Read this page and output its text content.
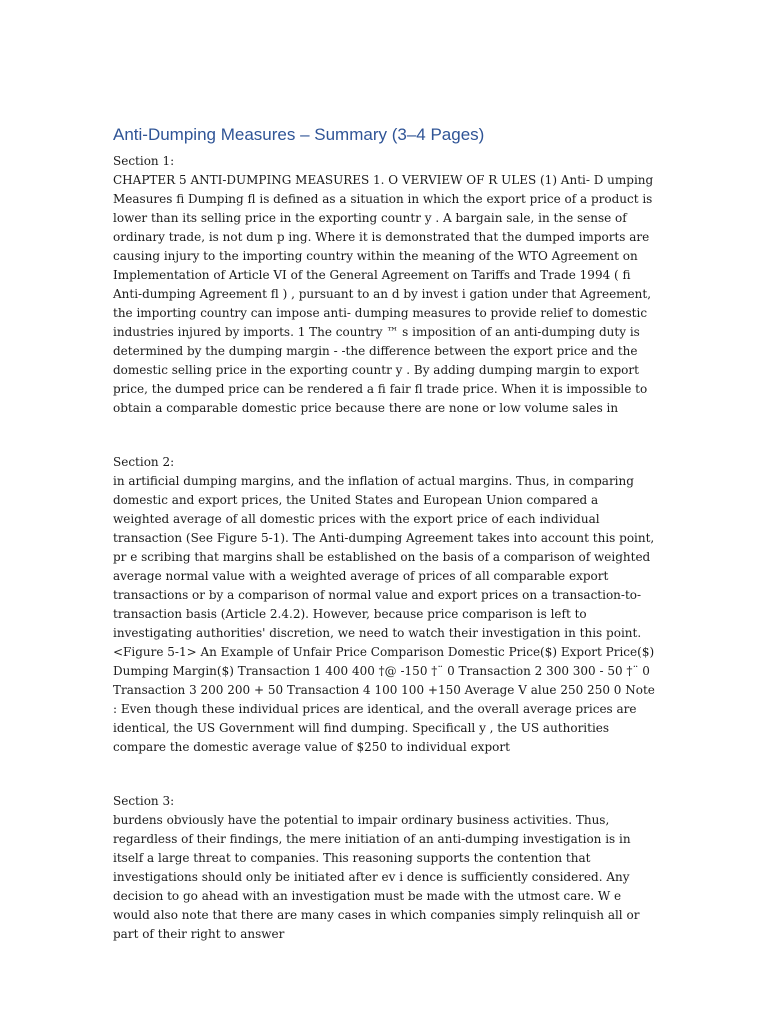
Anti-Dumping Measures – Summary (3–4 Pages)

Section 1:

CHAPTER 5 ANTI-DUMPING MEASURES 1. O VERVIEW OF R ULES (1) Anti- D umping Measures ﬁ Dumping ﬂ is defined as a situation in which the export price of a product is lower than its selling price in the exporting countr y . A bargain sale, in the sense of ordinary trade, is not dum p ing. Where it is demonstrated that the dumped imports are causing injury to the importing country within the meaning of the WTO Agreement on Implementation of Article VI of the General Agreement on Tariffs and Trade 1994 ( ﬁ Anti-dumping Agreement ﬂ ) , pursuant to an d by invest i gation under that Agreement, the importing country can impose anti- dumping measures to provide relief to domestic industries injured by imports. 1 The country ™ s imposition of an anti-dumping duty is determined by the dumping margin - -the difference between the export price and the domestic selling price in the exporting countr y . By adding dumping margin to export price, the dumped price can be rendered a ﬁ fair ﬂ trade price. When it is impossible to obtain a comparable domestic price because there are none or low volume sales in

Section 2:

in artificial dumping margins, and the inflation of actual margins. Thus, in comparing domestic and export prices, the United States and European Union compared a weighted average of all domestic prices with the export price of each individual transaction (See Figure 5-1). The Anti-dumping Agreement takes into account this point, pr e scribing that margins shall be established on the basis of a comparison of weighted average normal value with a weighted average of prices of all comparable export transactions or by a comparison of normal value and export prices on a transaction-to-transaction basis (Article 2.4.2). However, because price comparison is left to investigating authorities' discretion, we need to watch their investigation in this point. <Figure 5-1> An Example of Unfair Price Comparison Domestic Price($) Export Price($) Dumping Margin($) Transaction 1 400 400 †@ -150 †¨ 0 Transaction 2 300 300 - 50 †¨ 0 Transaction 3 200 200 + 50 Transaction 4 100 100 +150 Average V alue 250 250 0 Note : Even though these individual prices are identical, and the overall average prices are identical, the US Government will find dumping. Specificall y , the US authorities compare the domestic average value of $250 to individual export

Section 3:

burdens obviously have the potential to impair ordinary business activities. Thus, regardless of their findings, the mere initiation of an anti-dumping investigation is in itself a large threat to companies. This reasoning supports the contention that investigations should only be initiated after ev i dence is sufficiently considered. Any decision to go ahead with an investigation must be made with the utmost care. W e would also note that there are many cases in which companies simply relinquish all or part of their right to answer
